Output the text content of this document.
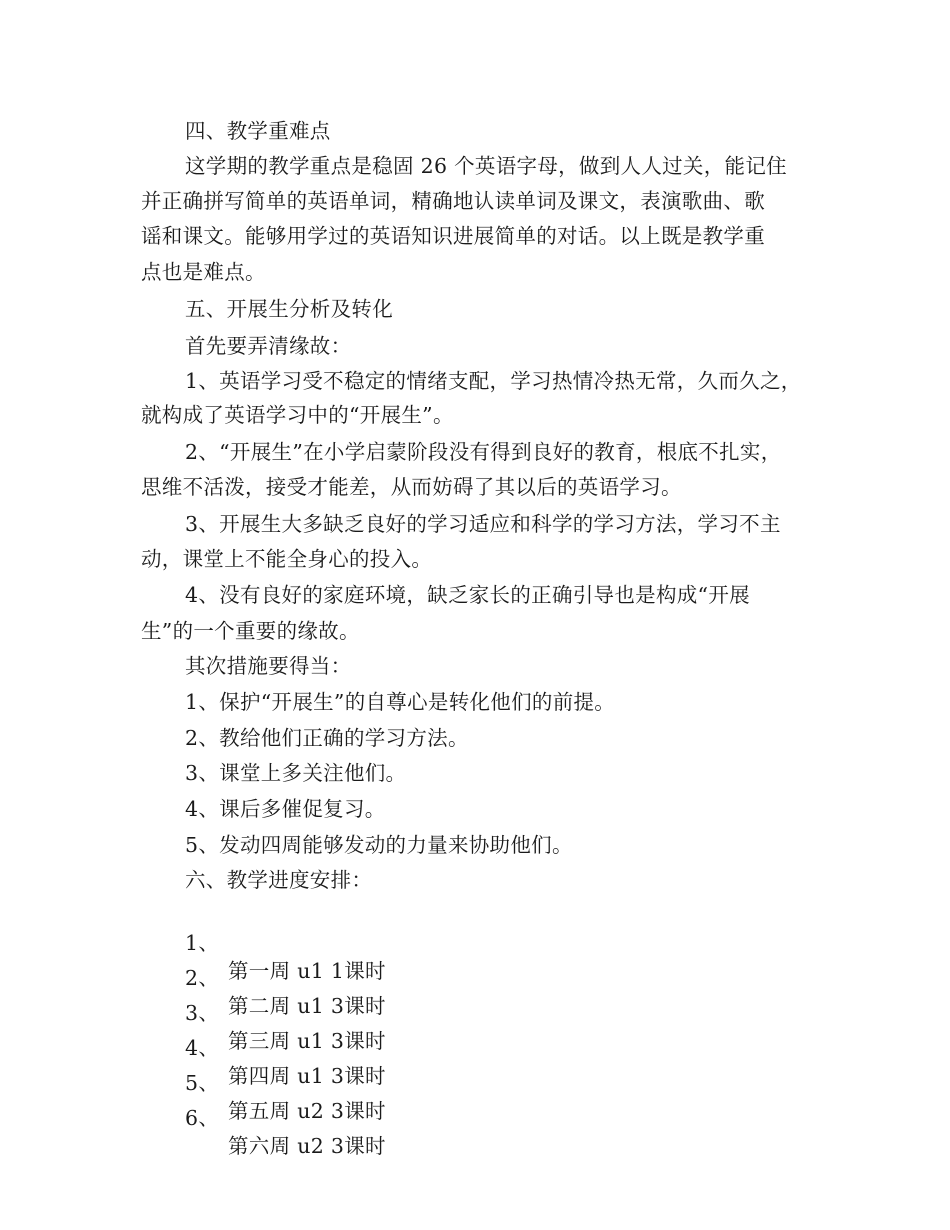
四、教学重难点
这学期的教学重点是稳固 26 个英语字母，做到人人过关，能记住
并正确拼写简单的英语单词，精确地认读单词及课文，表演歌曲、歌
谣和课文。能够用学过的英语知识进展简单的对话。以上既是教学重
点也是难点。
五、开展生分析及转化
首先要弄清缘故：
1、英语学习受不稳定的情绪支配，学习热情冷热无常，久而久之，
就构成了英语学习中的“开展生”。
2、“开展生”在小学启蒙阶段没有得到良好的教育，根底不扎实，
思维不活泼，接受才能差，从而妨碍了其以后的英语学习。
3、开展生大多缺乏良好的学习适应和科学的学习方法，学习不主
动，课堂上不能全身心的投入。
4、没有良好的家庭环境，缺乏家长的正确引导也是构成“开展
生”的一个重要的缘故。
其次措施要得当：
1、保护“开展生”的自尊心是转化他们的前提。
2、教给他们正确的学习方法。
3、课堂上多关注他们。
4、课后多催促复习。
5、发动四周能够发动的力量来协助他们。
六、教学进度安排：

1、

第一周 u1 1课时

2、

第二周 u1 3课时

3、

第三周 u1 3课时

4、

第四周 u1 3课时

5、

第五周 u2 3课时

6、

第六周 u2 3课时
